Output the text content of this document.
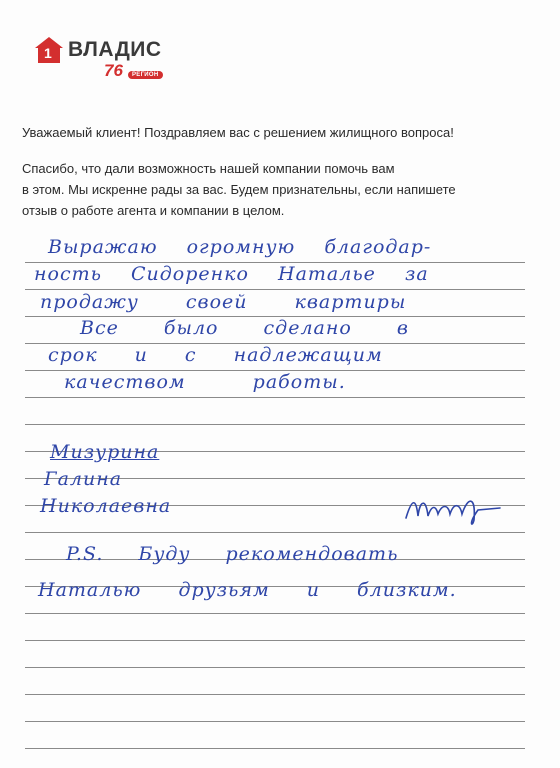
1 ВЛАДИС
76	РЕГИОН
Уважаемый клиент! Поздравляем вас с решением жилищного вопроса!
Спасибо, что дали возможность нашей компании помочь вам
в этом. Мы искренне рады за вас. Будем признательны, если напишете
отзыв о работе агента и компании в целом.
Выражаю огромную благодар-
ность Сидоренко Наталье за
продажу своей квартиры
Все было сделано в
срок и с надлежащим
качеством работы.
Мизурина
Галина
Николаевна
P.S. Буду рекомендовать
Наталью друзьям и близким.
